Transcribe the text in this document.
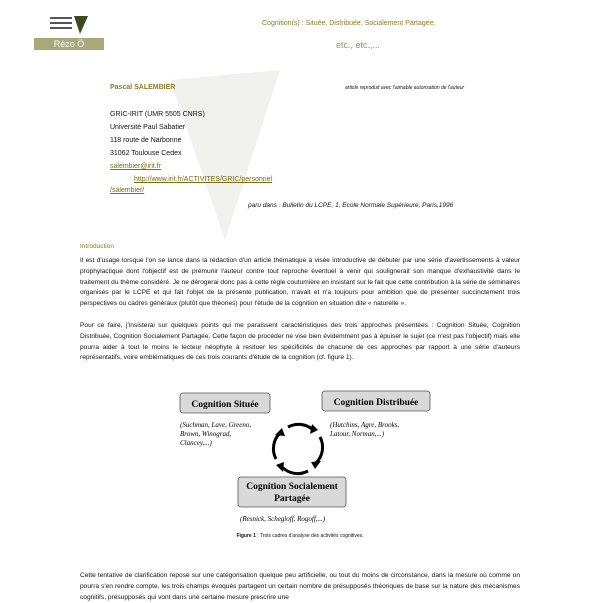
Rézo Ö
Cognition(s) : Située, Distribuée, Socialement Partagée.
etc., etc.,...
Pascal SALEMBIER	article reproduit avec l'aimable autorisation de l'auteur
GRIC-IRIT (UMR 5505 CNRS)
Université Paul Sabatier
118 route de Narbonne
31062 Toulouse Cedex
salembier@irit.fr
http://www.irit.fr/ACTIVITES/GRIC/personnel
/salembier/
paru dans : Bulletin du LCPE, 1, Ecole Normale Supérieure, Paris,1996
Introduction
Il est d'usage lorsque l'on se lance dans la rédaction d'un article thématique à visée introductive de débuter par une série d'avertissements à valeur prophylactique dont l'objectif est de prémunir l'auteur contre tout reproche éventuel à venir qui soulignerait son manque d'exhaustivité dans le traitement du thème considéré. Je ne dérogerai donc pas à cette règle coutumière en insistant sur le fait que cette contribution à la série de séminaires organisés par le LCPE et qui fait l'objet de la présente publication, n'avait et n'a toujours pour ambition que de présenter succinctement trois perspectives ou cadres généraux (plutôt que théories) pour l'étude de la cognition en situation dite « naturelle ».
Pour ce faire, j'insisterai sur quelques points qui me paraissent caractéristiques des trois approches présentées : Cognition Située, Cognition Distribuée, Cognition Socialement Partagée. Cette façon de procéder ne vise bien évidemment pas à épuiser le sujet (ce n'est pas l'objectif) mais elle pourra aider à tout le moins le lecteur néophyte à resituer les spécificités de chacune de ces approches par rapport à une série d'auteurs représentatifs, voire emblématiques de ces trois courants d'étude de la cognition (cf. figure 1).
Cognition Située
(Suchman, Lave, Greeno,
Brown, Winograd,
Clancey,...)
Cognition Distribuée
(Hutchins, Agre, Brooks,
Latour, Norman,...)
Cognition Socialement
Partagée
(Resnick, Schegloff, Rogoff,...)
Figure 1 : Trois cadres d'analyse des activités cognitives.
Cette tentative de clarification repose sur une catégorisation quelque peu artificielle, ou tout du moins de circonstance, dans la mesure où comme on pourra s'en rendre compte, les trois champs évoqués partagent un certain nombre de présupposés théoriques de base sur la nature des mécanismes cognitifs, présupposés qui vont dans une certaine mesure prescrire une
